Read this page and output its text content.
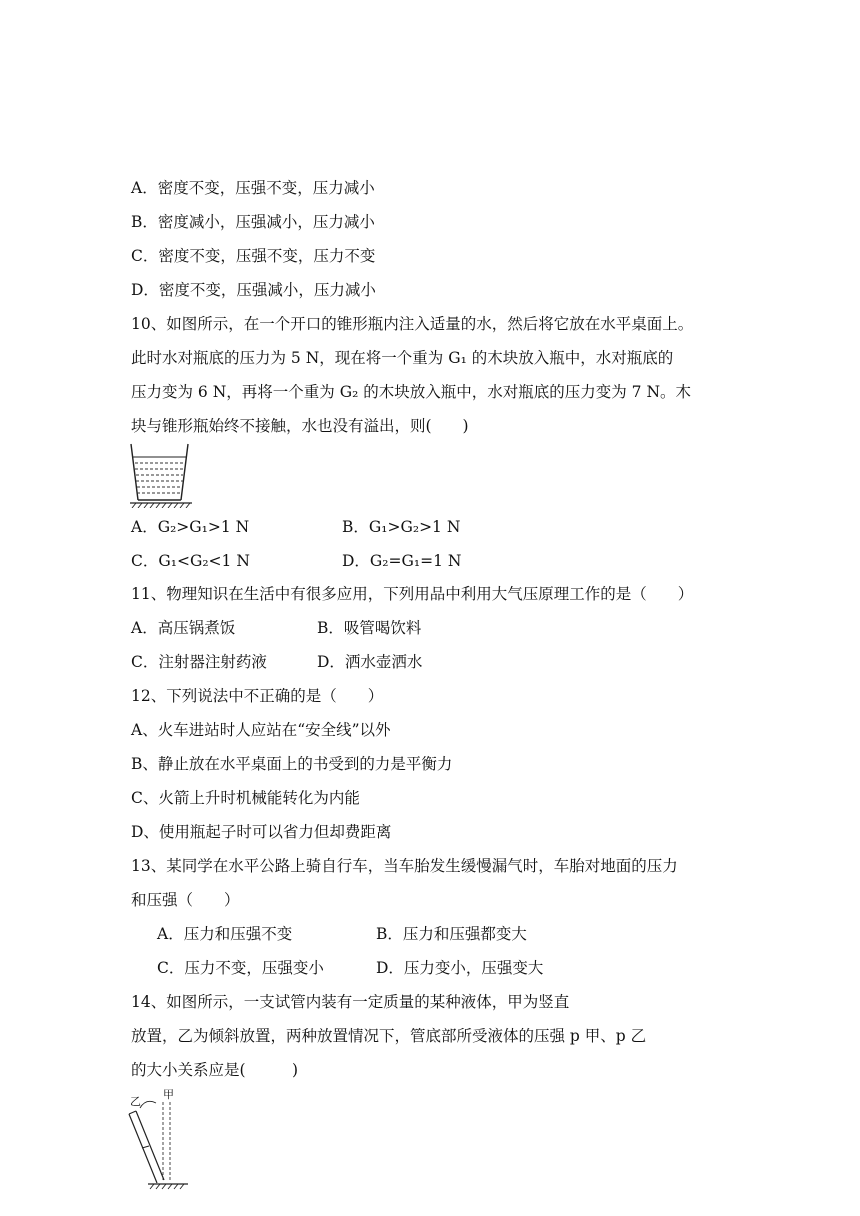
A．密度不变，压强不变，压力减小
B．密度减小，压强减小，压力减小
C．密度不变，压强不变，压力不变
D．密度不变，压强减小，压力减小
10、如图所示，在一个开口的锥形瓶内注入适量的水，然后将它放在水平桌面上。
此时水对瓶底的压力为 5 N，现在将一个重为 G₁ 的木块放入瓶中，水对瓶底的
压力变为 6 N，再将一个重为 G₂ 的木块放入瓶中，水对瓶底的压力变为 7 N。木
块与锥形瓶始终不接触，水也没有溢出，则(　　)
A．G₂>G₁>1 N	B．G₁>G₂>1 N
C．G₁<G₂<1 N	D．G₂=G₁=1 N
11、物理知识在生活中有很多应用，下列用品中利用大气压原理工作的是（　　）
A．高压锅煮饭	B．吸管喝饮料
C．注射器注射药液	D．洒水壶洒水
12、下列说法中不正确的是（　　）
A、火车进站时人应站在“安全线”以外
B、静止放在水平桌面上的书受到的力是平衡力
C、火箭上升时机械能转化为内能
D、使用瓶起子时可以省力但却费距离
13、某同学在水平公路上骑自行车，当车胎发生缓慢漏气时，车胎对地面的压力
和压强（　　）
A．压力和压强不变	B．压力和压强都变大
C．压力不变，压强变小	D．压力变小，压强变大
14、如图所示，一支试管内装有一定质量的某种液体，甲为竖直
放置，乙为倾斜放置，两种放置情况下，管底部所受液体的压强 p 甲、p 乙
的大小关系应是(　　　)
乙
甲
